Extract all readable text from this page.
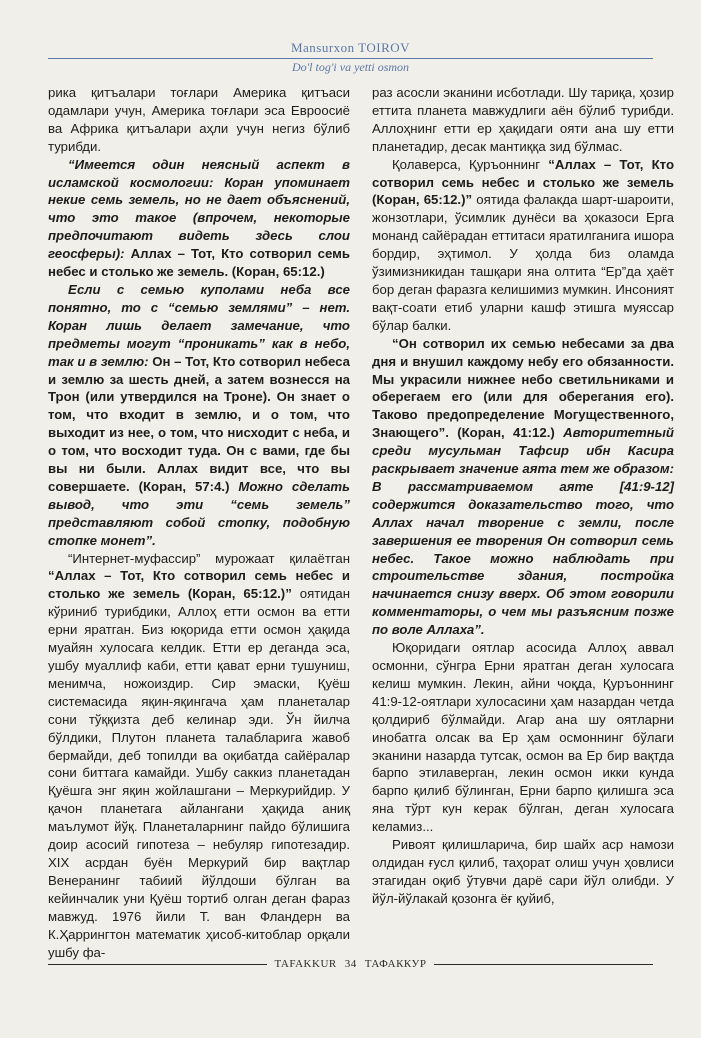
Mansurxon TOIROV
Do'l tog'i va yetti osmon

рика қитъалари тоғлари Америка қитъаси одамлари учун, Америка тоғлари эса Евроосиё ва Африка қитъалари аҳли учун негиз бўлиб турибди.

“Имеется один неясный аспект в исламской космологии: Коран упоминает некие семь земель, но не дает объяснений, что это такое (впрочем, некоторые предпочитают видеть здесь слои геосферы): Аллах – Тот, Кто сотворил семь небес и столько же земель. (Коран, 65:12.)

Если с семью куполами неба все понятно, то с “семью землями” – нет. Коран лишь делает замечание, что предметы могут “проникать” как в небо, так и в землю: Он – Тот, Кто сотворил небеса и землю за шесть дней, а затем вознесся на Трон (или утвердился на Троне). Он знает о том, что входит в землю, и о том, что выходит из нее, о том, что нисходит с неба, и о том, что восходит туда. Он с вами, где бы вы ни были. Аллах видит все, что вы совершаете. (Коран, 57:4.) Можно сделать вывод, что эти “семь земель” представляют собой стопку, подобную стопке монет”.

“Интернет-муфассир” мурожаат қилаётган “Аллах – Тот, Кто сотворил семь небес и столько же земель (Коран, 65:12.)” оятидан кўриниб турибдики, Аллоҳ етти осмон ва етти ерни яратган. Биз юқорида етти осмон ҳақида муайян хулосага келдик. Етти ер деганда эса, ушбу муаллиф каби, етти қават ерни тушуниш, менимча, ножоиздир. Сир эмаски, Қуёш системасида яқин-яқингача ҳам планеталар сони тўққизта деб келинар эди. Ўн йилча бўлдики, Плутон планета талабларига жавоб бермайди, деб топилди ва оқибатда сайёралар сони биттага камайди. Ушбу саккиз планетадан Қуёшга энг яқин жойлашгани – Меркурийдир. У қачон планетага айлангани ҳақида аниқ маълумот йўқ. Планеталарнинг пайдо бўлишига доир асосий гипотеза – небуляр гипотезадир. XIX асрдан буён Меркурий бир вақтлар Венеранинг табиий йўлдоши бўлган ва кейинчалик уни Қуёш тортиб олган деган фараз мавжуд. 1976 йили Т. ван Фландерн ва К.Ҳаррингтон математик ҳисоб-китоблар орқали ушбу фа-

раз асосли эканини исботлади. Шу тариқа, ҳозир еттита планета мавжудлиги аён бўлиб турибди. Аллоҳнинг етти ер ҳақидаги ояти ана шу етти планетадир, десак мантиққа зид бўлмас.

Қолаверса, Қуръоннинг “Аллах – Тот, Кто сотворил семь небес и столько же земель (Коран, 65:12.)” оятида фалакда шарт-шароити, жонзотлари, ўсимлик дунёси ва ҳоказоси Ерга монанд сайёрадан еттитаси яратилганига ишора бордир, эҳтимол. У ҳолда биз оламда ўзимизникидан ташқари яна олтита “Ер”да ҳаёт бор деган фаразга келишимиз мумкин. Инсоният вақт-соати етиб уларни кашф этишга муяссар бўлар балки.

“Он сотворил их семью небесами за два дня и внушил каждому небу его обязанности. Мы украсили нижнее небо светильниками и оберегаем его (или для оберегания его). Таково предопределение Могущественного, Знающего”. (Коран, 41:12.) Авторитетный среди мусульман Тафсир ибн Касира раскрывает значение аята тем же образом: В рассматриваемом аяте [41:9-12] содержится доказательство того, что Аллах начал творение с земли, после завершения ее творения Он сотворил семь небес. Такое можно наблюдать при строительстве здания, постройка начинается снизу вверх. Об этом говорили комментаторы, о чем мы разъясним позже по воле Аллаха”.

Юқоридаги оятлар асосида Аллоҳ аввал осмонни, сўнгра Ерни яратган деган хулосага келиш мумкин. Лекин, айни чоқда, Қуръоннинг 41:9-12-оятлари хулосасини ҳам назардан четда қолдириб бўлмайди. Агар ана шу оятларни инобатга олсак ва Ер ҳам осмоннинг бўлаги эканини назарда тутсак, осмон ва Ер бир вақтда барпо этилаверган, лекин осмон икки кунда барпо қилиб бўлинган, Ерни барпо қилишга эса яна тўрт кун керак бўлган, деган хулосага келамиз...

Ривоят қилишларича, бир шайх аср намози олдидан ғусл қилиб, таҳорат олиш учун ҳовлиси этагидан оқиб ўтувчи дарё сари йўл олибди. У йўл-йўлакай қозонга ёғ қуйиб,

TAFAKKUR 34 ТАФАККУР
